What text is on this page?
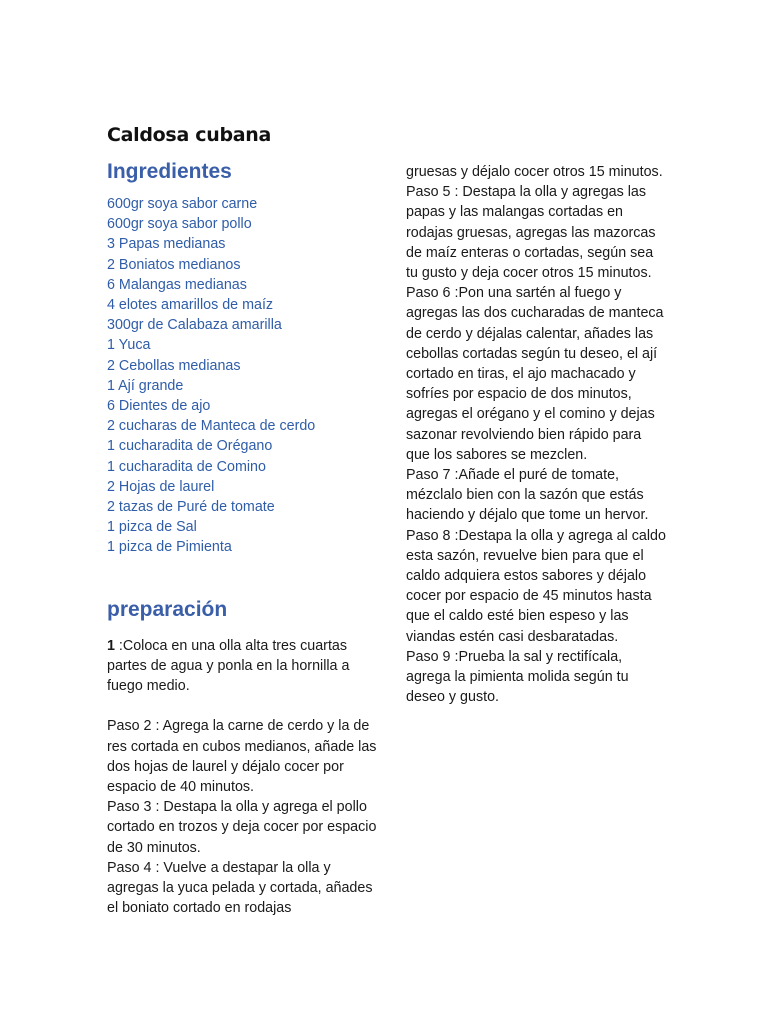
Caldosa cubana
Ingredientes
600gr soya sabor carne
600gr soya sabor pollo
3 Papas medianas
2 Boniatos medianos
6 Malangas medianas
4 elotes amarillos de maíz
300gr de Calabaza amarilla
1 Yuca
2 Cebollas medianas
1 Ají grande
6 Dientes de ajo
2 cucharas de Manteca de cerdo
1 cucharadita de Orégano
1 cucharadita de Comino
2 Hojas de laurel
2 tazas de Puré de tomate
1 pizca de Sal
1 pizca de Pimienta
preparación

1 :Coloca en una olla alta tres cuartas partes de agua y ponla en la hornilla a fuego medio.

Paso 2 : Agrega la carne de cerdo y la de res cortada en cubos medianos, añade las dos hojas de laurel y déjalo cocer por espacio de 40 minutos.

Paso 3 : Destapa la olla y agrega el pollo cortado en trozos y deja cocer por espacio de 30 minutos.

Paso 4 : Vuelve a destapar la olla y agregas la yuca pelada y cortada, añades el boniato cortado en rodajas

gruesas y déjalo cocer otros 15 minutos.

Paso 5 : Destapa la olla y agregas las papas y las malangas cortadas en rodajas gruesas, agregas las mazorcas de maíz enteras o cortadas, según sea tu gusto y deja cocer otros 15 minutos.

Paso 6 :Pon una sartén al fuego y agregas las dos cucharadas de manteca de cerdo y déjalas calentar, añades las cebollas cortadas según tu deseo, el ají cortado en tiras, el ajo machacado y sofríes por espacio de dos minutos, agregas el orégano y el comino y dejas sazonar revolviendo bien rápido para que los sabores se mezclen.

Paso 7 :Añade el puré de tomate, mézclalo bien con la sazón que estás haciendo y déjalo que tome un hervor.

Paso 8 :Destapa la olla y agrega al caldo esta sazón, revuelve bien para que el caldo adquiera estos sabores y déjalo cocer por espacio de 45 minutos hasta que el caldo esté bien espeso y las viandas estén casi desbaratadas.

Paso 9 :Prueba la sal y rectifícala, agrega la pimienta molida según tu deseo y gusto.
